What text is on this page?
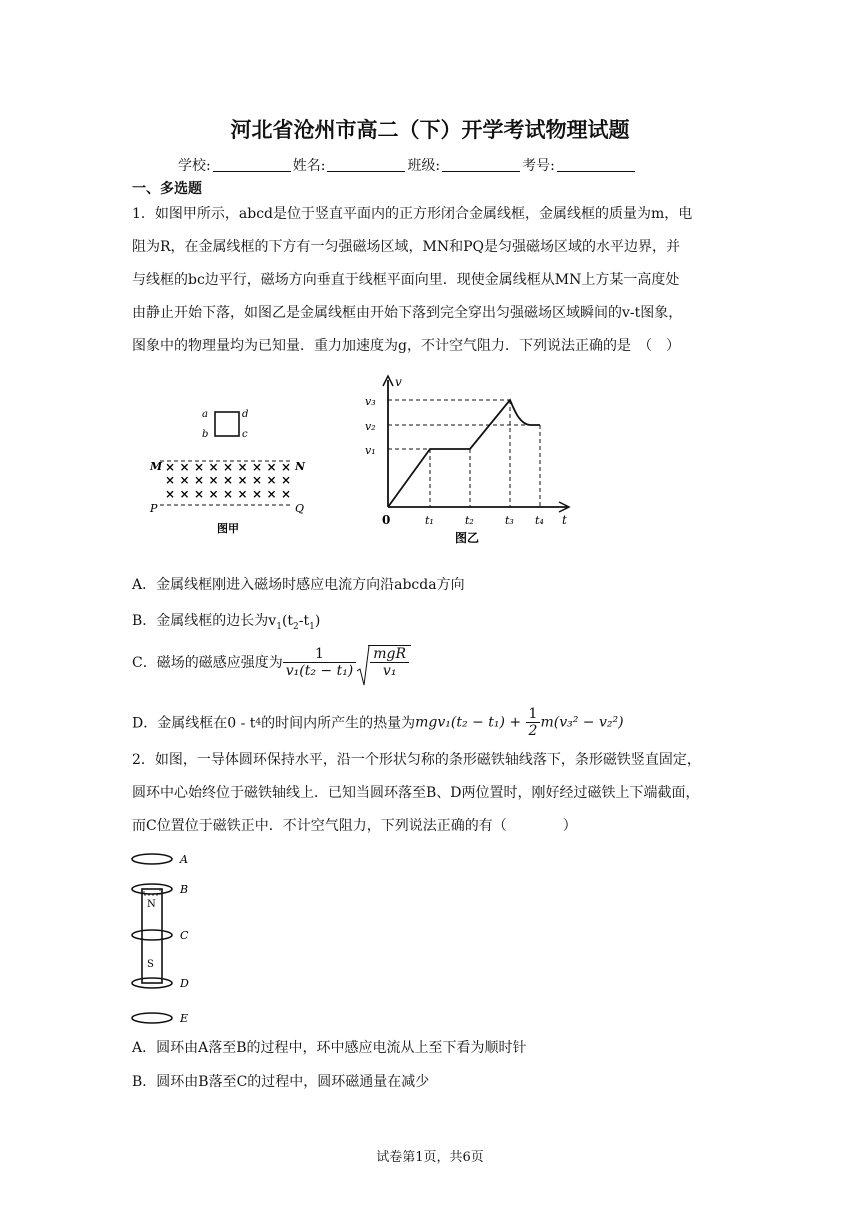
河北省沧州市高二（下）开学考试物理试题
学校:	姓名:	班级:	考号:
一、多选题
1．如图甲所示，abcd是位于竖直平面内的正方形闭合金属线框，金属线框的质量为m，电
阻为R，在金属线框的下方有一匀强磁场区域，MN和PQ是匀强磁场区域的水平边界，并
与线框的bc边平行，磁场方向垂直于线框平面向里．现使金属线框从MN上方某一高度处
由静止开始下落，如图乙是金属线框由开始下落到完全穿出匀强磁场区域瞬间的v-t图象，
图象中的物理量均为已知量．重力加速度为g，不计空气阻力．下列说法正确的是　（　）
a	d
b	c
M	N
× × × × × × × × ×
× × × × × × × × ×
× × × × × × × × ×
P	Q
图甲
v
t
0
v₃
v₂
v₁
t₁	t₂	t₃ t₄
图乙
A．金属线框刚进入磁场时感应电流方向沿abcda方向
B．金属线框的边长为$v_1(t_2-t_1)$
C．磁场的磁感应强度为 $\frac{1}{\text{v₁(t₂ − t₁)}} \frac{\text{mgR}}{\text{v₁}}$
D．金属线框在0 - t4的时间内所产生的热量为$mgv_1(t_2 - t_1) + \frac{1}{2} m(v_3^2 - v_2^2)$
2．如图，一导体圆环保持水平，沿一个形状匀称的条形磁铁轴线落下，条形磁铁竖直固定，
圆环中心始终位于磁铁轴线上．已知当圆环落至B、D两位置时，刚好经过磁铁上下端截面，
而C位置位于磁铁正中．不计空气阻力，下列说法正确的有（　　　　）
A
B
N
C
S
D
E
A．圆环由A落至B的过程中，环中感应电流从上至下看为顺时针
B．圆环由B落至C的过程中，圆环磁通量在减少
试卷第1页，共6页
